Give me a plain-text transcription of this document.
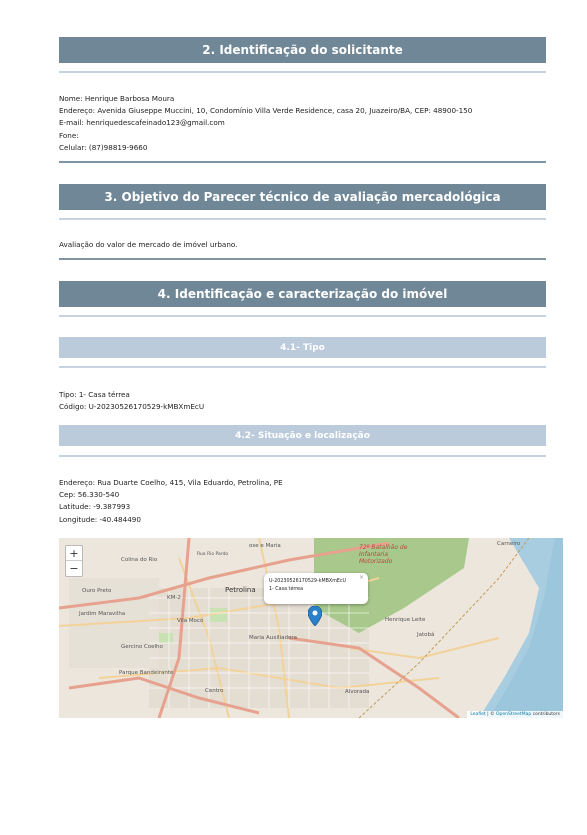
2. Identificação do solicitante
Nome: Henrique Barbosa Moura
Endereço: Avenida Giuseppe Muccini, 10, Condomínio Villa Verde Residence, casa 20, Juazeiro/BA, CEP: 48900-150
E-mail: henriquedescafeinado123@gmail.com
Fone:
Celular: (87)98819-9660
3. Objetivo do Parecer técnico de avaliação mercadológica
Avaliação do valor de mercado de imóvel urbano.
4. Identificação e caracterização do imóvel
4.1- Tipo
Tipo: 1- Casa térrea
Código: U-20230526170529-kMBXmEcU
4.2- Situação e localização
Endereço: Rua Duarte Coelho, 415, Vila Eduardo, Petrolina, PE
Cep: 56.330-540
Latitude: -9.387993
Longitude: -40.484490
+
−
Colina do Rio
Ouro Preto
Jardim Maravilha
KM-2
Petrolina
Vila Mocó
Maria Auxiliadora
Gercino Coelho
Parque Bandeirante
Centro
Henrique Leite
Jatobá
Alvorada
ose e Maria	Carneiro
Rua Rio Pardo
72º Batalhão de Infantaria Motorizado
×
U-20230526170529-kMBXmEcU
1- Casa térrea
Leaflet | © OpenStreetMap contributors
